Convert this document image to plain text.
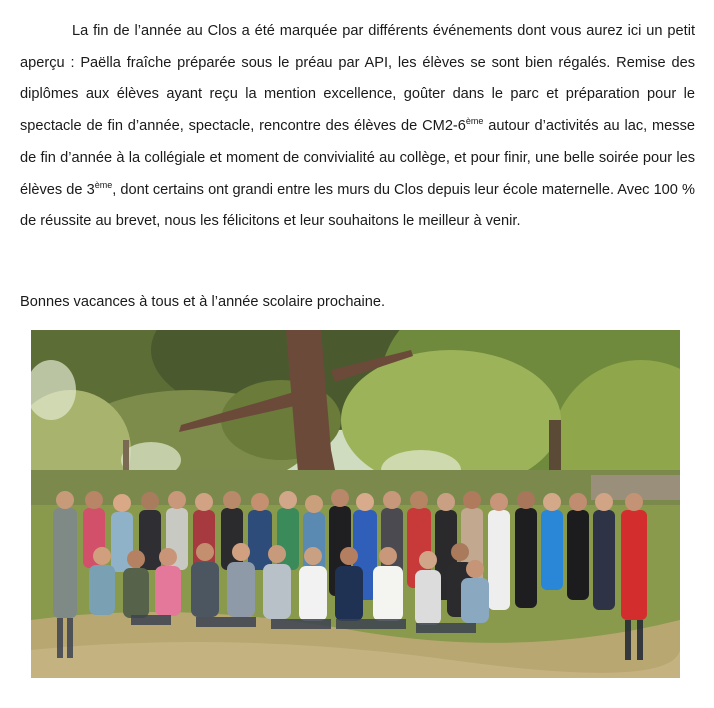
La fin de l’année au Clos a été marquée par différents événements dont vous aurez ici un petit aperçu : Paëlla fraîche préparée sous le préau par API, les élèves se sont bien régalés. Remise des diplômes aux élèves ayant reçu la mention excellence, goûter dans le parc et préparation pour le spectacle de fin d’année, spectacle, rencontre des élèves de CM2-6ème autour d’activités au lac, messe de fin d’année à la collégiale et moment de convivialité au collège, et pour finir, une belle soirée pour les élèves de 3ème, dont certains ont grandi entre les murs du Clos depuis leur école maternelle. Avec 100 % de réussite au brevet, nous les félicitons et leur souhaitons le meilleur à venir.

Bonnes vacances à tous et à l’année scolaire prochaine.
